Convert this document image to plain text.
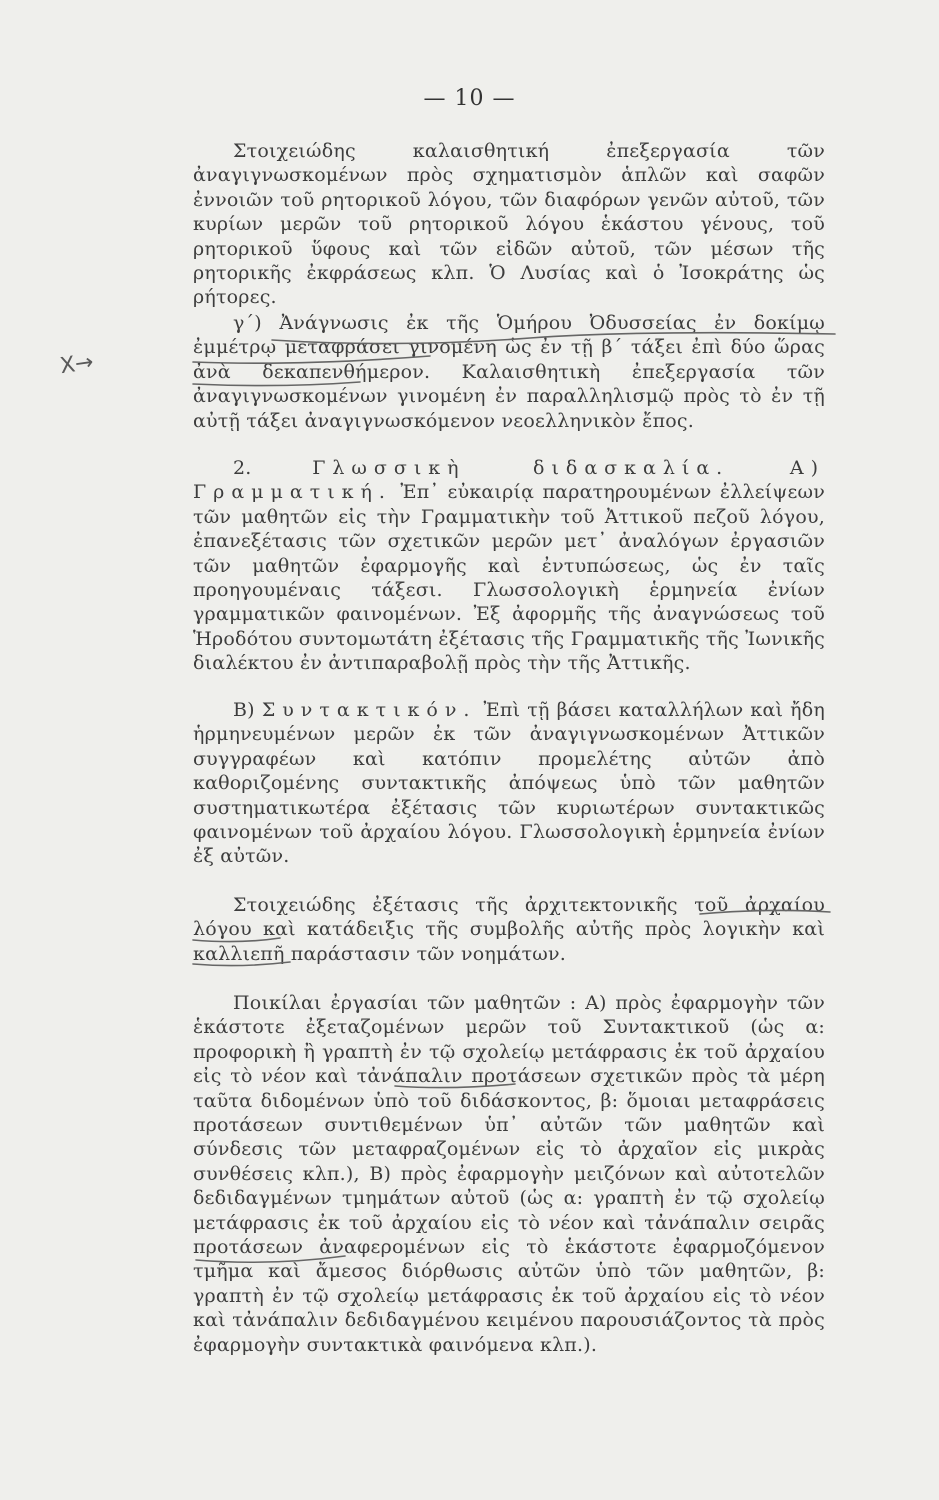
— 10 —

Στοιχειώδης καλαισθητική ἐπεξεργασία τῶν ἀναγιγνωσκομένων πρὸς σχηματισμὸν ἁπλῶν καὶ σαφῶν ἐννοιῶν τοῦ ρητορικοῦ λόγου, τῶν διαφόρων γενῶν αὐτοῦ, τῶν κυρίων μερῶν τοῦ ρητορικοῦ λόγου ἑκάστου γένους, τοῦ ρητορικοῦ ὕφους καὶ τῶν εἰδῶν αὐτοῦ, τῶν μέσων τῆς ρητορικῆς ἐκφράσεως κλπ. Ὁ Λυσίας καὶ ὁ Ἰσοκράτης ὡς ρήτορες.

γ΄) Ἀνάγνωσις ἐκ τῆς Ὁμήρου Ὀδυσσείας ἐν δοκίμῳ ἐμμέτρῳ μεταφράσει γινομένη ὡς ἐν τῇ β΄ τάξει ἐπὶ δύο ὥρας ἀνὰ δεκαπενθήμερον. Καλαισθητικὴ ἐπεξεργασία τῶν ἀναγιγνωσκομένων γινομένη ἐν παραλληλισμῷ πρὸς τὸ ἐν τῇ αὐτῇ τάξει ἀναγιγνωσκόμενον νεοελληνικὸν ἔπος.

2.	Γλωσσικὴ διδασκαλία.	Α) Γραμματική. Ἐπ᾿ εὐκαιρίᾳ παρατηρουμένων ἐλλείψεων τῶν μαθητῶν εἰς τὴν Γραμματικὴν τοῦ Ἀττικοῦ πεζοῦ λόγου, ἐπανεξέτασις τῶν σχετικῶν μερῶν μετ᾿ ἀναλόγων ἐργασιῶν τῶν μαθητῶν ἐφαρμογῆς καὶ ἐντυπώσεως, ὡς ἐν ταῖς προηγουμέναις τάξεσι. Γλωσσολογικὴ ἑρμηνεία ἐνίων γραμματικῶν φαινομένων. Ἐξ ἀφορμῆς τῆς ἀναγνώσεως τοῦ Ἡροδότου συντομωτάτη ἐξέτασις τῆς Γραμματικῆς τῆς Ἰωνικῆς διαλέκτου ἐν ἀντιπαραβολῇ πρὸς τὴν τῆς Ἀττικῆς.

Β) Συντακτικόν. Ἐπὶ τῇ βάσει καταλλήλων καὶ ἤδη ἡρμηνευμένων μερῶν ἐκ τῶν ἀναγιγνωσκομένων Ἀττικῶν συγγραφέων καὶ κατόπιν προμελέτης αὐτῶν ἀπὸ καθοριζομένης συντακτικῆς ἀπόψεως ὑπὸ τῶν μαθητῶν συστηματικωτέρα ἐξέτασις τῶν κυριωτέρων συντακτικῶς φαινομένων τοῦ ἀρχαίου λόγου. Γλωσσολογικὴ ἑρμηνεία ἐνίων ἐξ αὐτῶν.

Στοιχειώδης ἐξέτασις τῆς ἀρχιτεκτονικῆς τοῦ ἀρχαίου λόγου καὶ κατάδειξις τῆς συμβολῆς αὐτῆς πρὸς λογικὴν καὶ καλλιεπῆ παράστασιν τῶν νοημάτων.

Ποικίλαι ἐργασίαι τῶν μαθητῶν : Α) πρὸς ἐφαρμογὴν τῶν ἑκάστοτε ἐξεταζομένων μερῶν τοῦ Συντακτικοῦ (ὡς α: προφορικὴ ἢ γραπτὴ ἐν τῷ σχολείῳ μετάφρασις ἐκ τοῦ ἀρχαίου εἰς τὸ νέον καὶ τἀνάπαλιν προτάσεων σχετικῶν πρὸς τὰ μέρη ταῦτα διδομένων ὑπὸ τοῦ διδάσκοντος, β: ὅμοιαι μεταφράσεις προτάσεων συντιθεμένων ὑπ᾿ αὐτῶν τῶν μαθητῶν καὶ σύνδεσις τῶν μεταφραζομένων εἰς τὸ ἀρχαῖον εἰς μικρὰς συνθέσεις κλπ.), Β) πρὸς ἐφαρμογὴν μειζόνων καὶ αὐτοτελῶν δεδιδαγμένων τμημάτων αὐτοῦ (ὡς α: γραπτὴ ἐν τῷ σχολείῳ μετάφρασις ἐκ τοῦ ἀρχαίου εἰς τὸ νέον καὶ τἀνάπαλιν σειρᾶς προτάσεων ἀναφερομένων εἰς τὸ ἑκάστοτε ἐφαρμοζόμενον τμῆμα καὶ ἄμεσος διόρθωσις αὐτῶν ὑπὸ τῶν μαθητῶν, β: γραπτὴ ἐν τῷ σχολείῳ μετάφρασις ἐκ τοῦ ἀρχαίου εἰς τὸ νέον καὶ τἀνάπαλιν δεδιδαγμένου κειμένου παρουσιάζοντος τὰ πρὸς ἐφαρμογὴν συντακτικὰ φαινόμενα κλπ.).

Χ→
